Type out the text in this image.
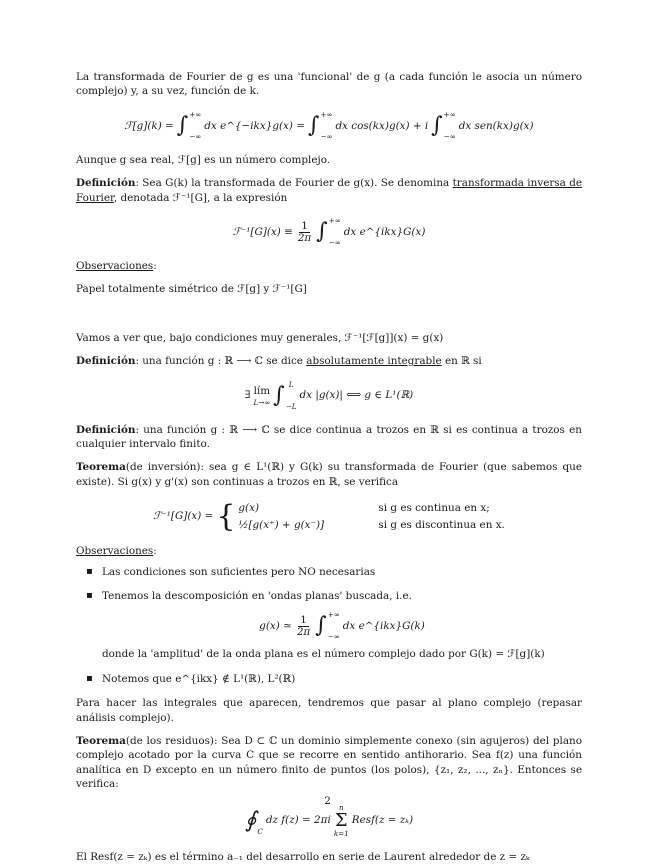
La transformada de Fourier de g es una 'funcional' de g (a cada función le asocia un número complejo) y, a su vez, función de k.

ℱ[g](k) = ∫ +∞
−∞
dx e^{−ikx}g(x) = ∫ +∞
−∞
dx cos(kx)g(x) + i ∫ +∞
−∞
dx sen(kx)g(x)

Aunque g sea real, ℱ[g] es un número complejo.

Definición: Sea G(k) la transformada de Fourier de g(x). Se denomina transformada inversa de Fourier, denotada ℱ⁻¹[G], a la expresión

ℱ⁻¹[G](x) ≡ $\frac{1}{2\pi}$ ∫ +∞
−∞
dx e^{ikx}G(x)

Observaciones:

Papel totalmente simétrico de ℱ[g] y ℱ⁻¹[G]

Vamos a ver que, bajo condiciones muy generales, ℱ⁻¹[ℱ[g]](x) = g(x)

Definición: una función g : ℝ ⟶ ℂ se dice absolutamente integrable en ℝ si

∃ lím
L→∞ ∫ L
−L
dx |g(x)| ⟺ g ∈ L¹(ℝ)

Definición: una función g : ℝ ⟶ ℂ se dice continua a trozos en ℝ si es continua a trozos en cualquier intervalo finito.

Teorema(de inversión): sea g ∈ L¹(ℝ) y G(k) su transformada de Fourier (que sabemos que existe). Si g(x) y g'(x) son continuas a trozos en ℝ, se verifica

ℱ⁻¹[G](x) = { g(x)	si g es continua en x;
½[g(x⁺) + g(x⁻)]	si g es discontinua en x.

Observaciones:

▪ Las condiciones son suficientes pero NO necesarias
▪ Tenemos la descomposición en 'ondas planas' buscada, i.e.
g(x) ≃ $\frac{1}{2\pi}$ ∫ +∞
−∞
dx e^{ikx}G(k)
donde la 'amplitud' de la onda plana es el número complejo dado por G(k) = ℱ[g](k)
▪ Notemos que e^{ikx} ∉ L¹(ℝ), L²(ℝ)

Para hacer las integrales que aparecen, tendremos que pasar al plano complejo (repasar análisis complejo).

Teorema(de los residuos): Sea D ⊂ ℂ un dominio simplemente conexo (sin agujeros) del plano complejo acotado por la curva C que se recorre en sentido antihorario. Sea f(z) una función analítica en D excepto en un número finito de puntos (los polos), {z₁, z₂, ..., zₙ}. Entonces se verifica:

∮ C
dz f(z) = 2πi
n
Σ
k=1
Resf(z = zₖ)

El Resf(z = zₖ) es el término a₋₁ del desarrollo en serie de Laurent alrededor de z = zₖ

2
